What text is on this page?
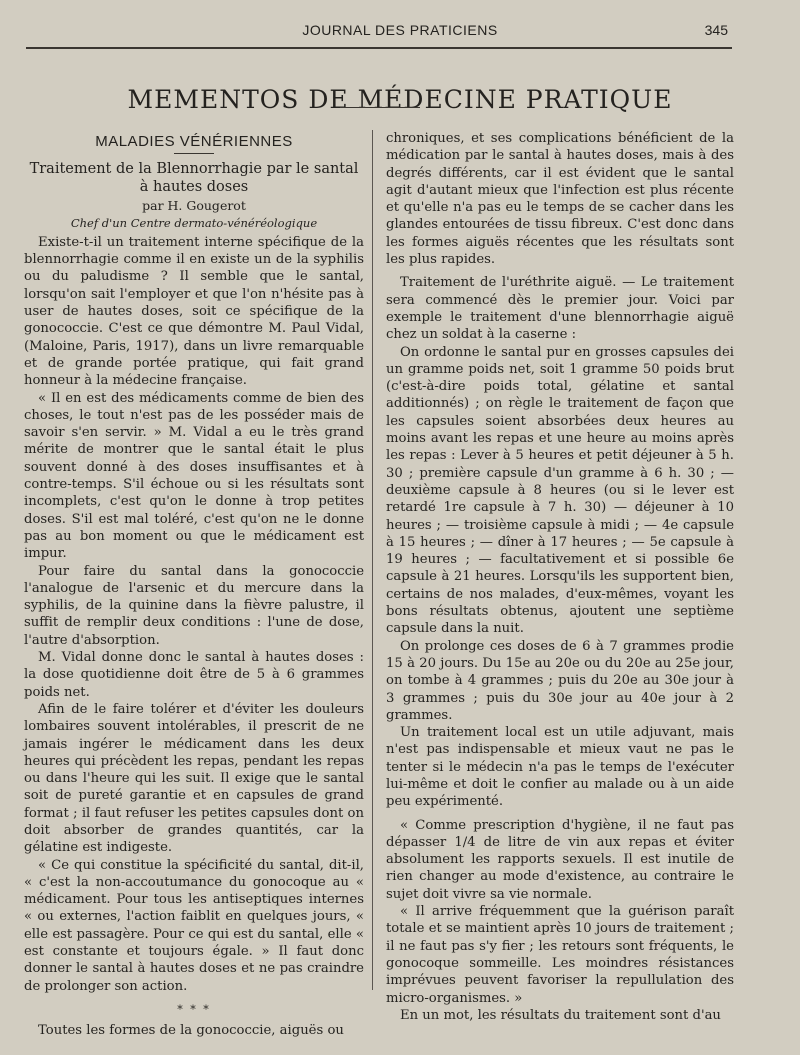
JOURNAL DES PRATICIENS	345
MEMENTOS DE MÉDECINE PRATIQUE
MALADIES VÉNÉRIENNES
Traitement de la Blennorrhagie par le santal à hautes doses
par H. Gougerot
Chef d'un Centre dermato-vénéréologique

Existe-t-il un traitement interne spécifique de la blennorrhagie comme il en existe un de la syphilis ou du paludisme ? Il semble que le santal, lorsqu'on sait l'employer et que l'on n'hésite pas à user de hautes doses, soit ce spécifique de la gonococcie. C'est ce que démontre M. Paul Vidal, (Maloine, Paris, 1917), dans un livre remarquable et de grande portée pratique, qui fait grand honneur à la médecine française.

« Il en est des médicaments comme de bien des choses, le tout n'est pas de les posséder mais de savoir s'en servir. » M. Vidal a eu le très grand mérite de montrer que le santal était le plus souvent donné à des doses insuffisantes et à contre-temps. S'il échoue ou si les résultats sont incomplets, c'est qu'on le donne à trop petites doses. S'il est mal toléré, c'est qu'on ne le donne pas au bon moment ou que le médicament est impur.

Pour faire du santal dans la gonococcie l'analogue de l'arsenic et du mercure dans la syphilis, de la quinine dans la fièvre palustre, il suffit de remplir deux conditions : l'une de dose, l'autre d'absorption.

M. Vidal donne donc le santal à hautes doses : la dose quotidienne doit être de 5 à 6 grammes poids net.

Afin de le faire tolérer et d'éviter les douleurs lombaires souvent intolérables, il prescrit de ne jamais ingérer le médicament dans les deux heures qui précèdent les repas, pendant les repas ou dans l'heure qui les suit. Il exige que le santal soit de pureté garantie et en capsules de grand format ; il faut refuser les petites capsules dont on doit absorber de grandes quantités, car la gélatine est indigeste.

« Ce qui constitue la spécificité du santal, dit-il, « c'est la non-accoutumance du gonocoque au « médicament. Pour tous les antiseptiques internes « ou externes, l'action faiblit en quelques jours, « elle est passagère. Pour ce qui est du santal, elle « est constante et toujours égale. » Il faut donc donner le santal à hautes doses et ne pas craindre de prolonger son action.

* * *

Toutes les formes de la gonococcie, aiguës ou

chroniques, et ses complications bénéficient de la médication par le santal à hautes doses, mais à des degrés différents, car il est évident que le santal agit d'autant mieux que l'infection est plus récente et qu'elle n'a pas eu le temps de se cacher dans les glandes entourées de tissu fibreux. C'est donc dans les formes aiguës récentes que les résultats sont les plus rapides.

Traitement de l'uréthrite aiguë. — Le traitement sera commencé dès le premier jour. Voici par exemple le traitement d'une blennorrhagie aiguë chez un soldat à la caserne :

On ordonne le santal pur en grosses capsules dei un gramme poids net, soit 1 gramme 50 poids brut (c'est-à-dire poids total, gélatine et santal additionnés) ; on règle le traitement de façon que les capsules soient absorbées deux heures au moins avant les repas et une heure au moins après les repas : Lever à 5 heures et petit déjeuner à 5 h. 30 ; première capsule d'un gramme à 6 h. 30 ; — deuxième capsule à 8 heures (ou si le lever est retardé 1re capsule à 7 h. 30) — déjeuner à 10 heures ; — troisième capsule à midi ; — 4e capsule à 15 heures ; — dîner à 17 heures ; — 5e capsule à 19 heures ; — facultativement et si possible 6e capsule à 21 heures. Lorsqu'ils les supportent bien, certains de nos malades, d'eux-mêmes, voyant les bons résultats obtenus, ajoutent une septième capsule dans la nuit.

On prolonge ces doses de 6 à 7 grammes prodie 15 à 20 jours. Du 15e au 20e ou du 20e au 25e jour, on tombe à 4 grammes ; puis du 20e au 30e jour à 3 grammes ; puis du 30e jour au 40e jour à 2 grammes.

Un traitement local est un utile adjuvant, mais n'est pas indispensable et mieux vaut ne pas le tenter si le médecin n'a pas le temps de l'exécuter lui-même et doit le confier au malade ou à un aide peu expérimenté.

« Comme prescription d'hygiène, il ne faut pas dépasser 1/4 de litre de vin aux repas et éviter absolument les rapports sexuels. Il est inutile de rien changer au mode d'existence, au contraire le sujet doit vivre sa vie normale.

« Il arrive fréquemment que la guérison paraît totale et se maintient après 10 jours de traitement ; il ne faut pas s'y fier ; les retours sont fréquents, le gonocoque sommeille. Les moindres résistances imprévues peuvent favoriser la repullulation des micro-organismes. »

En un mot, les résultats du traitement sont d'au
